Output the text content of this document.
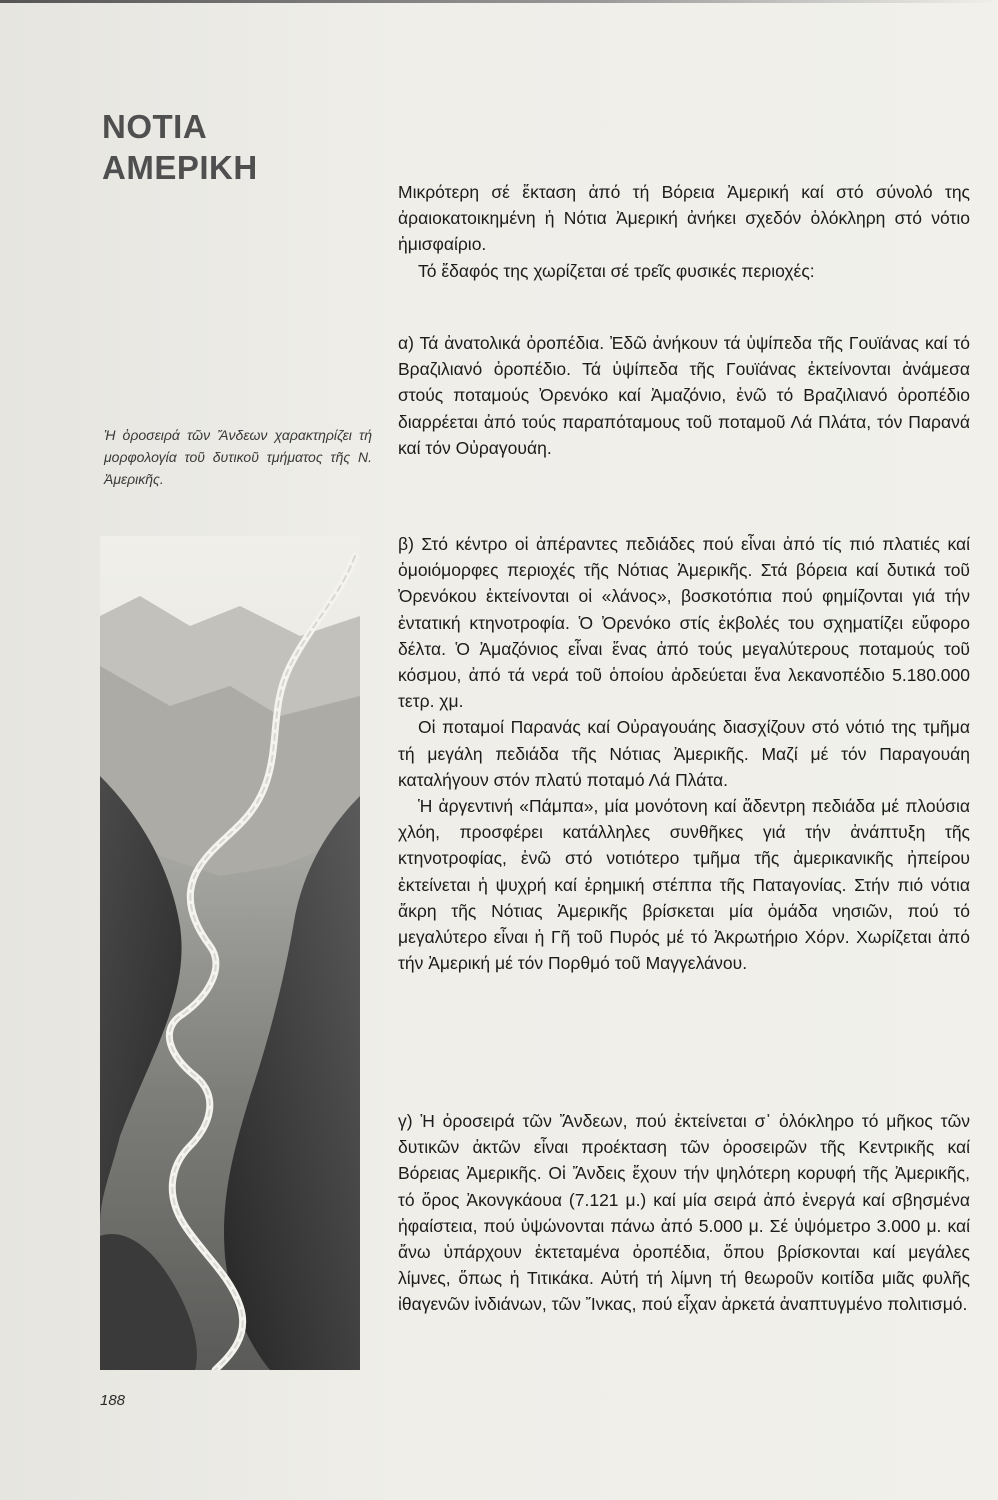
ΝΟΤΙΑ
ΑΜΕΡΙΚΗ
Ἡ ὀροσειρά τῶν Ἄνδεων χαρακτηρίζει τή μορφολογία τοῦ δυτικοῦ τμήματος τῆς Ν. Ἀμερικῆς.

Μικρότερη σέ ἔκταση ἀπό τή Βόρεια Ἀμερική καί στό σύνολό της ἀραιοκατοικημένη ἡ Νότια Ἀμερική ἀνήκει σχεδόν ὁλόκληρη στό νότιο ἡμισφαίριο.

Τό ἔδαφός της χωρίζεται σέ τρεῖς φυσικές περιοχές:

α) Τά ἀνατολικά ὀροπέδια. Ἐδῶ ἀνήκουν τά ὑψίπεδα τῆς Γουϊάνας καί τό Βραζιλιανό ὀροπέδιο. Τά ὑψίπεδα τῆς Γουϊάνας ἐκτείνονται ἀνάμεσα στούς ποταμούς Ὀρενόκο καί Ἀμαζόνιο, ἐνῶ τό Βραζιλιανό ὀροπέδιο διαρρέεται ἀπό τούς παραπόταμους τοῦ ποταμοῦ Λά Πλάτα, τόν Παρανά καί τόν Οὐραγουάη.

β) Στό κέντρο οἱ ἀπέραντες πεδιάδες πού εἶναι ἀπό τίς πιό πλατιές καί ὁμοιόμορφες περιοχές τῆς Νότιας Ἀμερικῆς. Στά βόρεια καί δυτικά τοῦ Ὀρενόκου ἐκτείνονται οἱ «λάνος», βοσκοτόπια πού φημίζονται γιά τήν ἐντατική κτηνοτροφία. Ὁ Ὀρενόκο στίς ἐκβολές του σχηματίζει εὔφορο δέλτα. Ὁ Ἀμαζόνιος εἶναι ἕνας ἀπό τούς μεγαλύτερους ποταμούς τοῦ κόσμου, ἀπό τά νερά τοῦ ὁποίου ἀρδεύεται ἕνα λεκανοπέδιο 5.180.000 τετρ. χμ.

Οἱ ποταμοί Παρανάς καί Οὐραγουάης διασχίζουν στό νότιό της τμῆμα τή μεγάλη πεδιάδα τῆς Νότιας Ἀμερικῆς. Μαζί μέ τόν Παραγουάη καταλήγουν στόν πλατύ ποταμό Λά Πλάτα.

Ἡ ἀργεντινή «Πάμπα», μία μονότονη καί ἄδεντρη πεδιάδα μέ πλούσια χλόη, προσφέρει κατάλληλες συνθῆκες γιά τήν ἀνάπτυξη τῆς κτηνοτροφίας, ἐνῶ στό νοτιότερο τμῆμα τῆς ἀμερικανικῆς ἠπείρου ἐκτείνεται ἡ ψυχρή καί ἐρημική στέππα τῆς Παταγονίας. Στήν πιό νότια ἄκρη τῆς Νότιας Ἀμερικῆς βρίσκεται μία ὁμάδα νησιῶν, πού τό μεγαλύτερο εἶναι ἡ Γῆ τοῦ Πυρός μέ τό Ἀκρωτήριο Χόρν. Χωρίζεται ἀπό τήν Ἀμερική μέ τόν Πορθμό τοῦ Μαγγελάνου.

γ) Ἡ ὀροσειρά τῶν Ἄνδεων, πού ἐκτείνεται σ᾽ ὁλόκληρο τό μῆκος τῶν δυτικῶν ἀκτῶν εἶναι προέκταση τῶν ὀροσειρῶν τῆς Κεντρικῆς καί Βόρειας Ἀμερικῆς. Οἱ Ἄνδεις ἔχουν τήν ψηλότερη κορυφή τῆς Ἀμερικῆς, τό ὄρος Ἀκονγκάουα (7.121 μ.) καί μία σειρά ἀπό ἐνεργά καί σβησμένα ἡφαίστεια, πού ὑψώνονται πάνω ἀπό 5.000 μ. Σέ ὑψόμετρο 3.000 μ. καί ἄνω ὑπάρχουν ἐκτεταμένα ὀροπέδια, ὅπου βρίσκονται καί μεγάλες λίμνες, ὅπως ἡ Τιτικάκα. Αὐτή τή λίμνη τή θεωροῦν κοιτίδα μιᾶς φυλῆς ἰθαγενῶν ἰνδιάνων, τῶν Ἴνκας, πού εἶχαν ἀρκετά ἀναπτυγμένο πολιτισμό.

188
